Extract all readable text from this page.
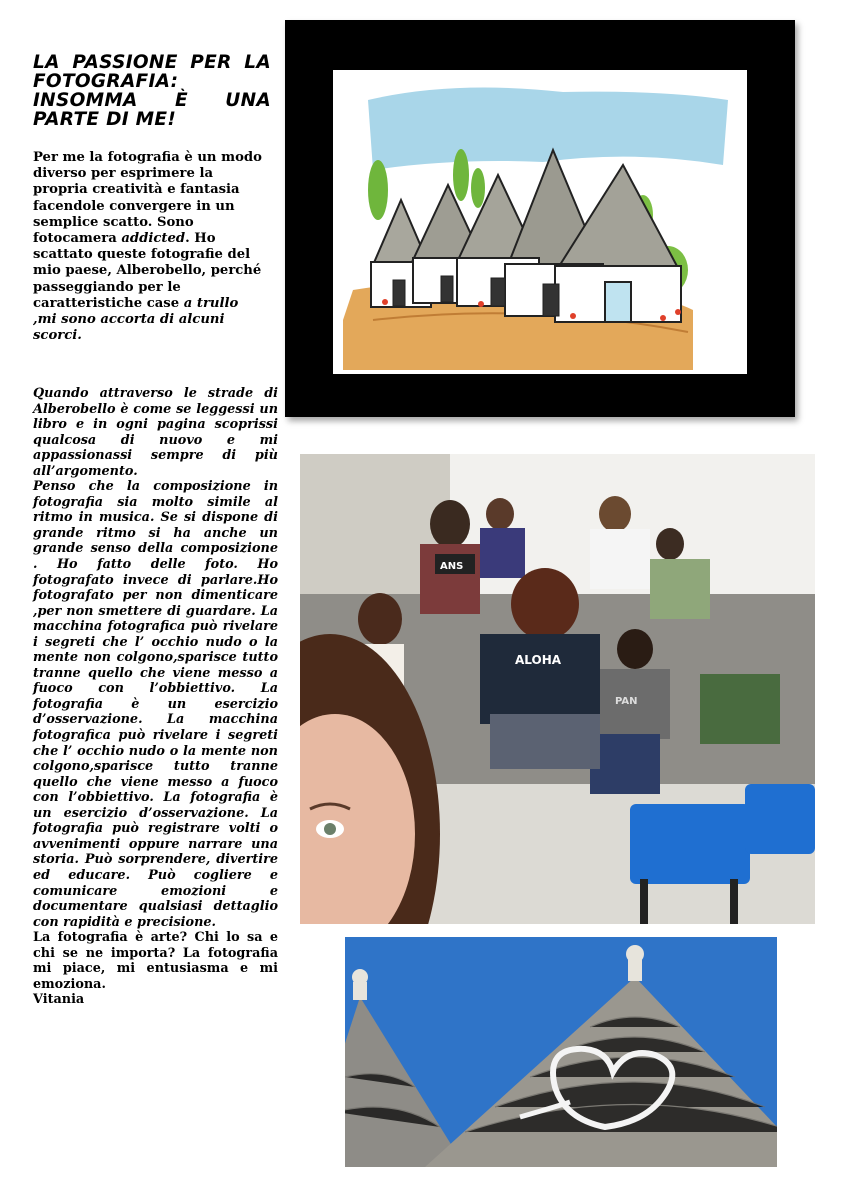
LA PASSIONE PER LA FOTOGRAFIA: INSOMMA È UNA PARTE DI ME!

Per me la fotografia è un modo diverso per esprimere la propria creatività e fantasia facendole convergere in un semplice scatto. Sono fotocamera addicted. Ho scattato queste fotografie del mio paese, Alberobello, perché passeggiando per le caratteristiche case a trullo ,mi sono accorta di alcuni scorci.

Quando attraverso le strade di Alberobello è come se leggessi un libro e in ogni pagina scoprissi qualcosa di nuovo e mi appassionassi sempre di più all’argomento.
Penso che la composizione in fotografia sia molto simile al ritmo in musica. Se si dispone di grande ritmo si ha anche un grande senso della composizione . Ho fatto delle foto. Ho fotografato invece di parlare.Ho fotografato per non dimenticare ,per non smettere di guardare. La macchina fotografica può rivelare i segreti che l’ occhio nudo o la mente non colgono,sparisce tutto tranne quello che viene messo a fuoco con l’obbiettivo. La fotografia è un esercizio d’osservazione. La macchina fotografica può rivelare i segreti che l’ occhio nudo o la mente non colgono,sparisce tutto tranne quello che viene messo a fuoco con l’obbiettivo. La fotografia è un esercizio d’osservazione. La fotografia può registrare volti o avvenimenti oppure narrare una storia. Può sorprendere, divertire ed educare. Può cogliere e comunicare emozioni e documentare qualsiasi dettaglio con rapidità e precisione.
La fotografia è arte? Chi lo sa e chi se ne importa? La fotografia mi piace, mi entusiasma e mi emoziona.
Vitania

ALOHA
ANS
PAN
